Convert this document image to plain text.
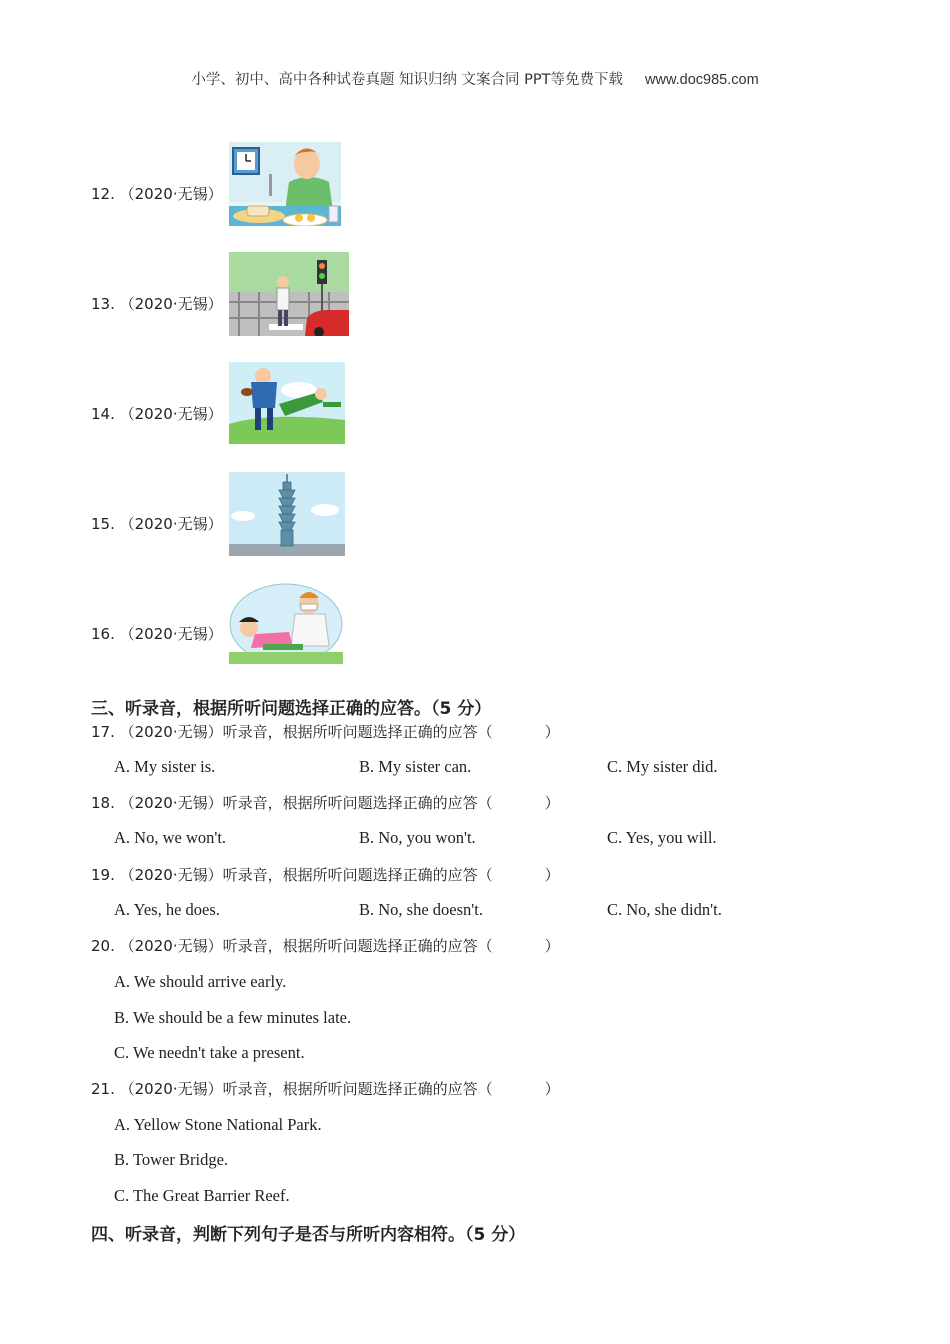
小学、初中、高中各种试卷真题 知识归纳 文案合同 PPT等免费下载 www.doc985.com
12. （2020·无锡）
13. （2020·无锡）
14. （2020·无锡）
15. （2020·无锡）
16. （2020·无锡）
三、听录音，根据所听问题选择正确的应答。（5 分）
17. （2020·无锡）听录音，根据所听问题选择正确的应答（	）
A. My sister is.	B. My sister can.	C. My sister did.
18. （2020·无锡）听录音，根据所听问题选择正确的应答（	）
A. No, we won't.	B. No, you won't.	C. Yes, you will.
19. （2020·无锡）听录音，根据所听问题选择正确的应答（	）
A. Yes, he does.	B. No, she doesn't.	C. No, she didn't.
20. （2020·无锡）听录音，根据所听问题选择正确的应答（	）
A. We should arrive early.
B. We should be a few minutes late.
C. We needn't take a present.
21. （2020·无锡）听录音，根据所听问题选择正确的应答（	）
A. Yellow Stone National Park.
B. Tower Bridge.
C. The Great Barrier Reef.
四、听录音，判断下列句子是否与所听内容相符。（5 分）
